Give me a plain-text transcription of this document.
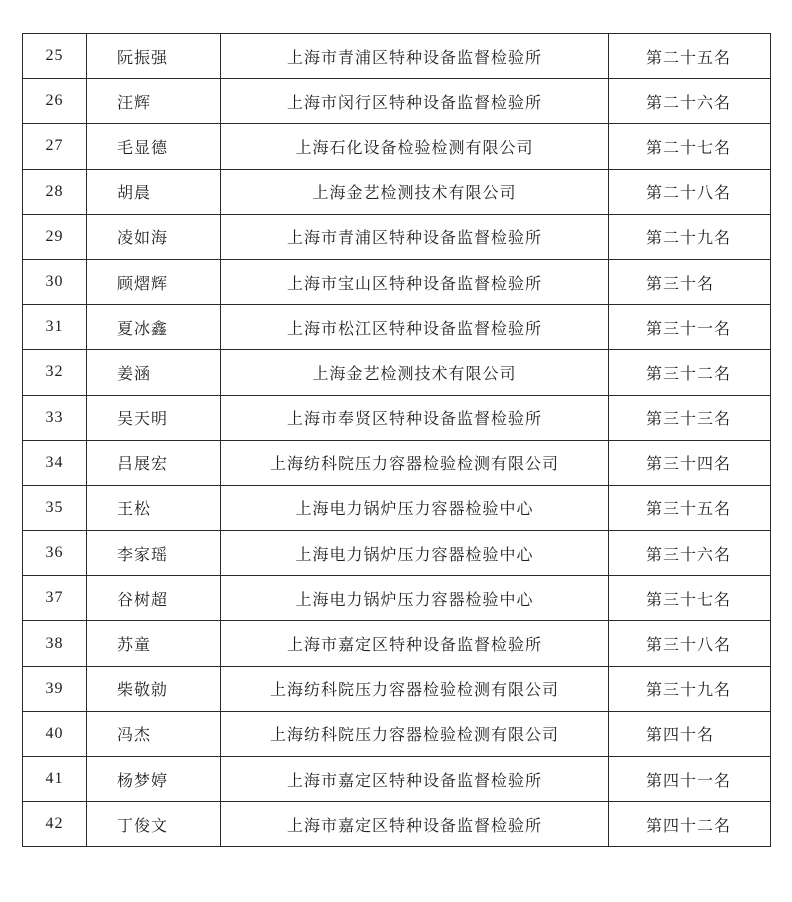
25	阮振强	上海市青浦区特种设备监督检验所	第二十五名
26	汪辉	上海市闵行区特种设备监督检验所	第二十六名
27	毛显德	上海石化设备检验检测有限公司	第二十七名
28	胡晨	上海金艺检测技术有限公司	第二十八名
29	凌如海	上海市青浦区特种设备监督检验所	第二十九名
30	顾熠辉	上海市宝山区特种设备监督检验所	第三十名
31	夏冰鑫	上海市松江区特种设备监督检验所	第三十一名
32	姜涵	上海金艺检测技术有限公司	第三十二名
33	吴天明	上海市奉贤区特种设备监督检验所	第三十三名
34	吕展宏	上海纺科院压力容器检验检测有限公司	第三十四名
35	王松	上海电力锅炉压力容器检验中心	第三十五名
36	李家瑶	上海电力锅炉压力容器检验中心	第三十六名
37	谷树超	上海电力锅炉压力容器检验中心	第三十七名
38	苏童	上海市嘉定区特种设备监督检验所	第三十八名
39	柴敬勍	上海纺科院压力容器检验检测有限公司	第三十九名
40	冯杰	上海纺科院压力容器检验检测有限公司	第四十名
41	杨梦婷	上海市嘉定区特种设备监督检验所	第四十一名
42	丁俊文	上海市嘉定区特种设备监督检验所	第四十二名
